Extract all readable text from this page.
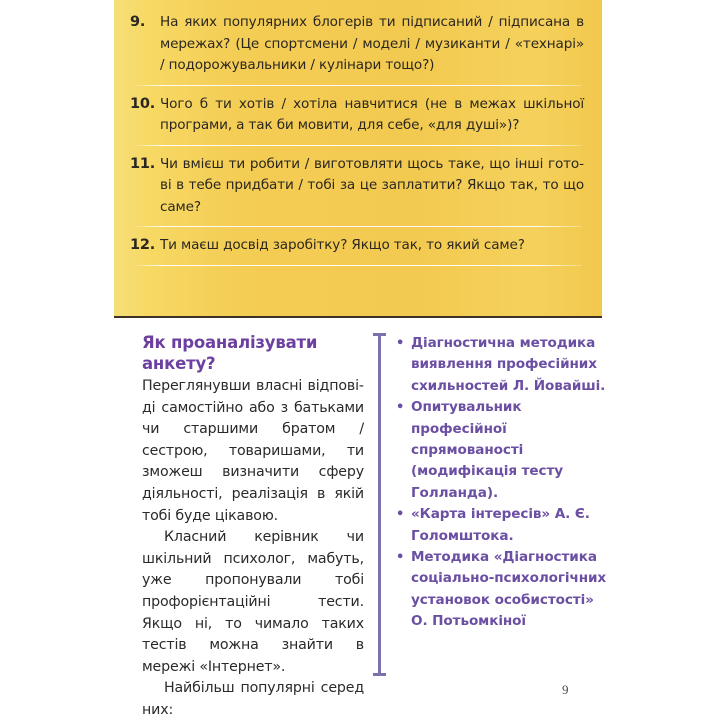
9.	На яких популярних блогерів ти підписаний / підписана в мережах? (Це спортсмени / моделі / музиканти / «технарі» / подорожувальники / кулінари тощо?)
10. Чого б ти хотів / хотіла навчитися (не в межах шкільної програми, а так би мовити, для себе, «для душі»)?
11. Чи вмієш ти робити / виготовляти щось таке, що інші готові в тебе придбати / тобі за це заплатити? Якщо так, то що саме?
12. Ти маєш досвід заробітку? Якщо так, то який саме?
Як проаналізувати анкету?

Переглянувши власні відповіді самостійно або з батьками чи старшими братом / сестрою, товаришами, ти зможеш визначити сферу діяльності, реалізація в якій тобі буде цікавою.

Класний керівник чи шкільний психолог, мабуть, уже пропонували тобі профорієнтаційні тести. Якщо ні, то чимало таких тестів можна знайти в мережі «Інтернет».

Найбільш популярні серед них:

• Діагностична методика виявлення професійних схильностей Л. Йовайші.
• Опитувальник професійної спрямованості (модифікація тесту Голланда).
• «Карта інтересів» А. Є. Голомштока.
• Методика «Діагностика соціально-психологічних установок особистості» О. Потьомкіної
9
